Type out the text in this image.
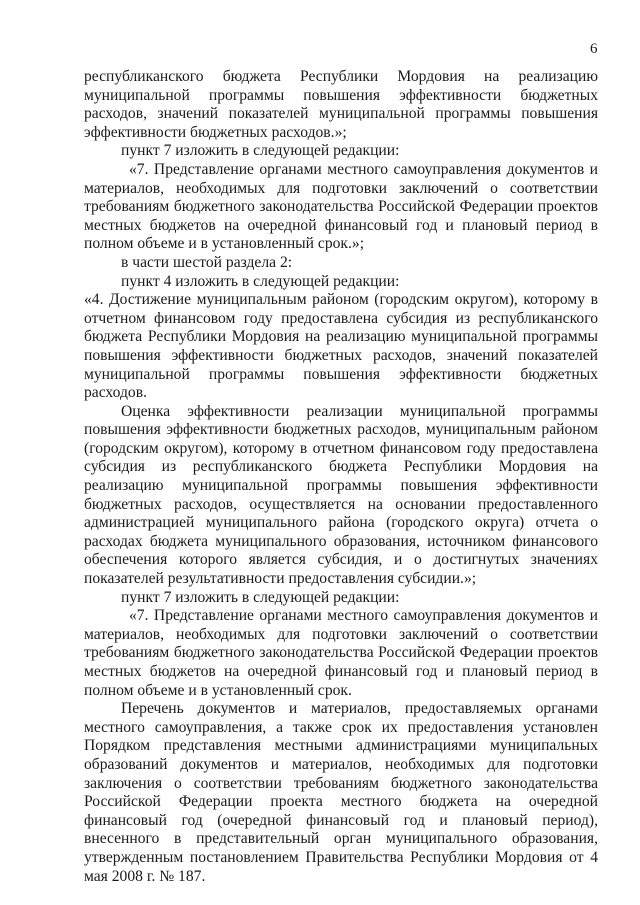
6

республиканского бюджета Республики Мордовия на реализацию муниципальной программы повышения эффективности бюджетных расходов, значений показателей муниципальной программы повышения эффективности бюджетных расходов.»;

пункт 7 изложить в следующей редакции:

«7. Представление органами местного самоуправления документов и материалов, необходимых для подготовки заключений о соответствии требованиям бюджетного законодательства Российской Федерации проектов местных бюджетов на очередной финансовый год и плановый период в полном объеме и в установленный срок.»;

в части шестой раздела 2:

пункт 4 изложить в следующей редакции:

«4. Достижение муниципальным районом (городским округом), которому в отчетном финансовом году предоставлена субсидия из республиканского бюджета Республики Мордовия на реализацию муниципальной программы повышения эффективности бюджетных расходов, значений показателей муниципальной программы повышения эффективности бюджетных расходов.

Оценка эффективности реализации муниципальной программы повышения эффективности бюджетных расходов, муниципальным районом (городским округом), которому в отчетном финансовом году предоставлена субсидия из республиканского бюджета Республики Мордовия на реализацию муниципальной программы повышения эффективности бюджетных расходов, осуществляется на основании предоставленного администрацией муниципального района (городского округа) отчета о расходах бюджета муниципального образования, источником финансового обеспечения которого является субсидия, и о достигнутых значениях показателей результативности предоставления субсидии.»;

пункт 7 изложить в следующей редакции:

«7. Представление органами местного самоуправления документов и материалов, необходимых для подготовки заключений о соответствии требованиям бюджетного законодательства Российской Федерации проектов местных бюджетов на очередной финансовый год и плановый период в полном объеме и в установленный срок.

Перечень документов и материалов, предоставляемых органами местного самоуправления, а также срок их предоставления установлен Порядком представления местными администрациями муниципальных образований документов и материалов, необходимых для подготовки заключения о соответствии требованиям бюджетного законодательства Российской Федерации проекта местного бюджета на очередной финансовый год (очередной финансовый год и плановый период), внесенного в представительный орган муниципального образования, утвержденным постановлением Правительства Республики Мордовия от 4 мая 2008 г. № 187.
